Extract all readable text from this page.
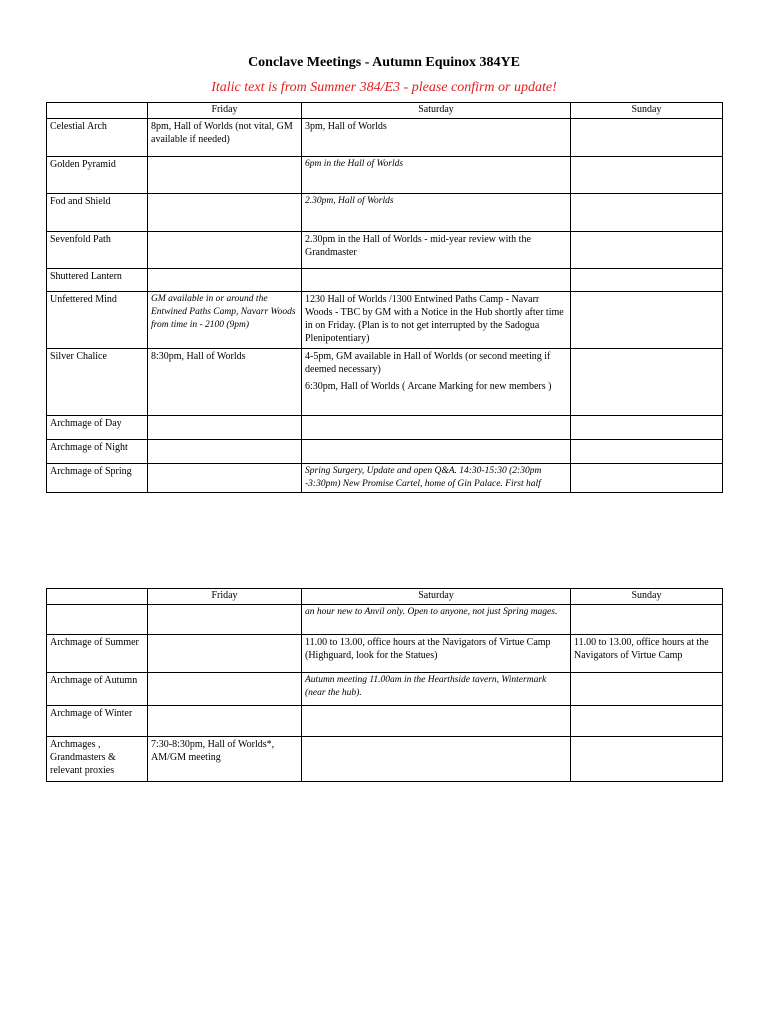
Conclave Meetings - Autumn Equinox 384YE
Italic text is from Summer 384/E3 - please confirm or update!
	Friday	Saturday	Sunday
Celestial Arch	8pm, Hall of Worlds (not vital, GM available if needed)	3pm, Hall of Worlds	
Golden Pyramid		6pm in the Hall of Worlds	
Fod and Shield		2.30pm, Hall of Worlds	
Sevenfold Path		2.30pm in the Hall of Worlds - mid-year review with the Grandmaster	
Shuttered Lantern			
Unfettered Mind	GM available in or around the Entwined Paths Camp, Navarr Woods from time in - 2100 (9pm)	1230 Hall of Worlds /1300 Entwined Paths Camp - Navarr Woods - TBC by GM with a Notice in the Hub shortly after time in on Friday. (Plan is to not get interrupted by the Sadogua Plenipotentiary)	
Silver Chalice	8:30pm, Hall of Worlds	4-5pm, GM available in Hall of Worlds (or second meeting if deemed necessary)
6:30pm, Hall of Worlds ( Arcane Marking for new members )	

Archmage of Day			
Archmage of Night			
Archmage of Spring		Spring Surgery, Update and open Q&A. 14:30-15:30 (2:30pm -3:30pm) New Promise Cartel, home of Gin Palace. First half	
	Friday	Saturday	Sunday
		an hour new to Anvil only. Open to anyone, not just Spring mages.	
Archmage of Summer		11.00 to 13.00, office hours at the Navigators of Virtue Camp (Highguard, look for the Statues)	11.00 to 13.00, office hours at the Navigators of Virtue Camp
Archmage of Autumn		Autumn meeting 11.00am in the Hearthside tavern, Wintermark (near the hub).	
Archmage of Winter			
Archmages , Grandmasters & relevant proxies	7:30-8:30pm, Hall of Worlds*, AM/GM meeting		
